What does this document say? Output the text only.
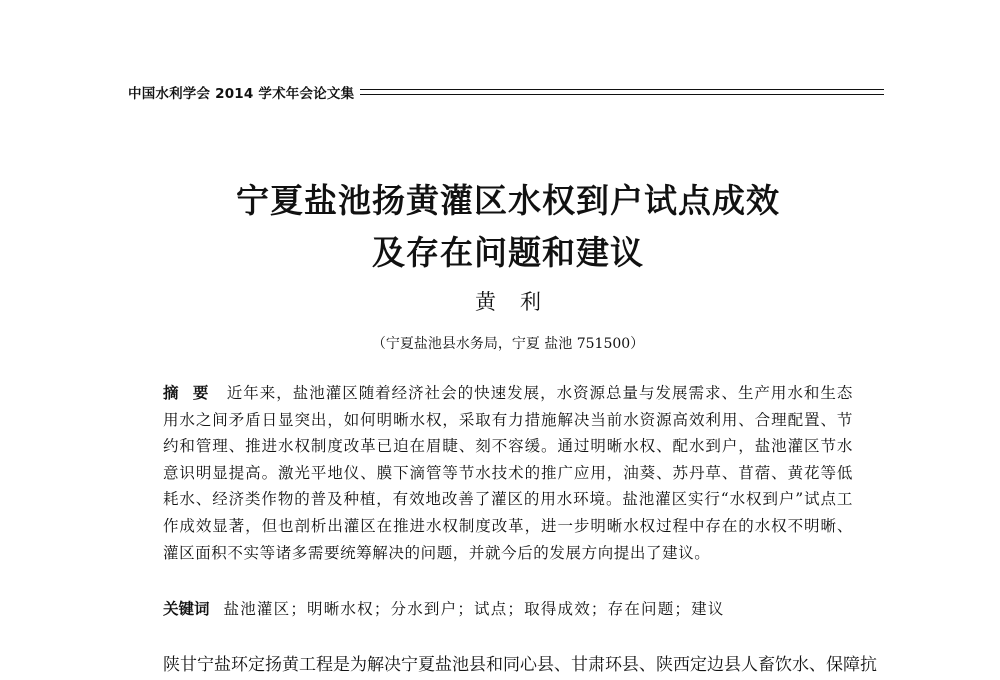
中国水利学会 2014 学术年会论文集
宁夏盐池扬黄灌区水权到户试点成效
及存在问题和建议
黄利
（宁夏盐池县水务局，宁夏 盐池 751500）
摘要 近年来，盐池灌区随着经济社会的快速发展，水资源总量与发展需求、生产用水和生态用水之间矛盾日显突出，如何明晰水权，采取有力措施解决当前水资源高效利用、合理配置、节约和管理、推进水权制度改革已迫在眉睫、刻不容缓。通过明晰水权、配水到户，盐池灌区节水意识明显提高。激光平地仪、膜下滴管等节水技术的推广应用，油葵、苏丹草、苜蓿、黄花等低耗水、经济类作物的普及种植，有效地改善了灌区的用水环境。盐池灌区实行“水权到户”试点工作成效显著，但也剖析出灌区在推进水权制度改革，进一步明晰水权过程中存在的水权不明晰、灌区面积不实等诸多需要统筹解决的问题，并就今后的发展方向提出了建议。
关键词 盐池灌区；明晰水权；分水到户；试点；取得成效；存在问题；建议
陕甘宁盐环定扬黄工程是为解决宁夏盐池县和同心县、甘肃环县、陕西定边县人畜饮水、保障抗
